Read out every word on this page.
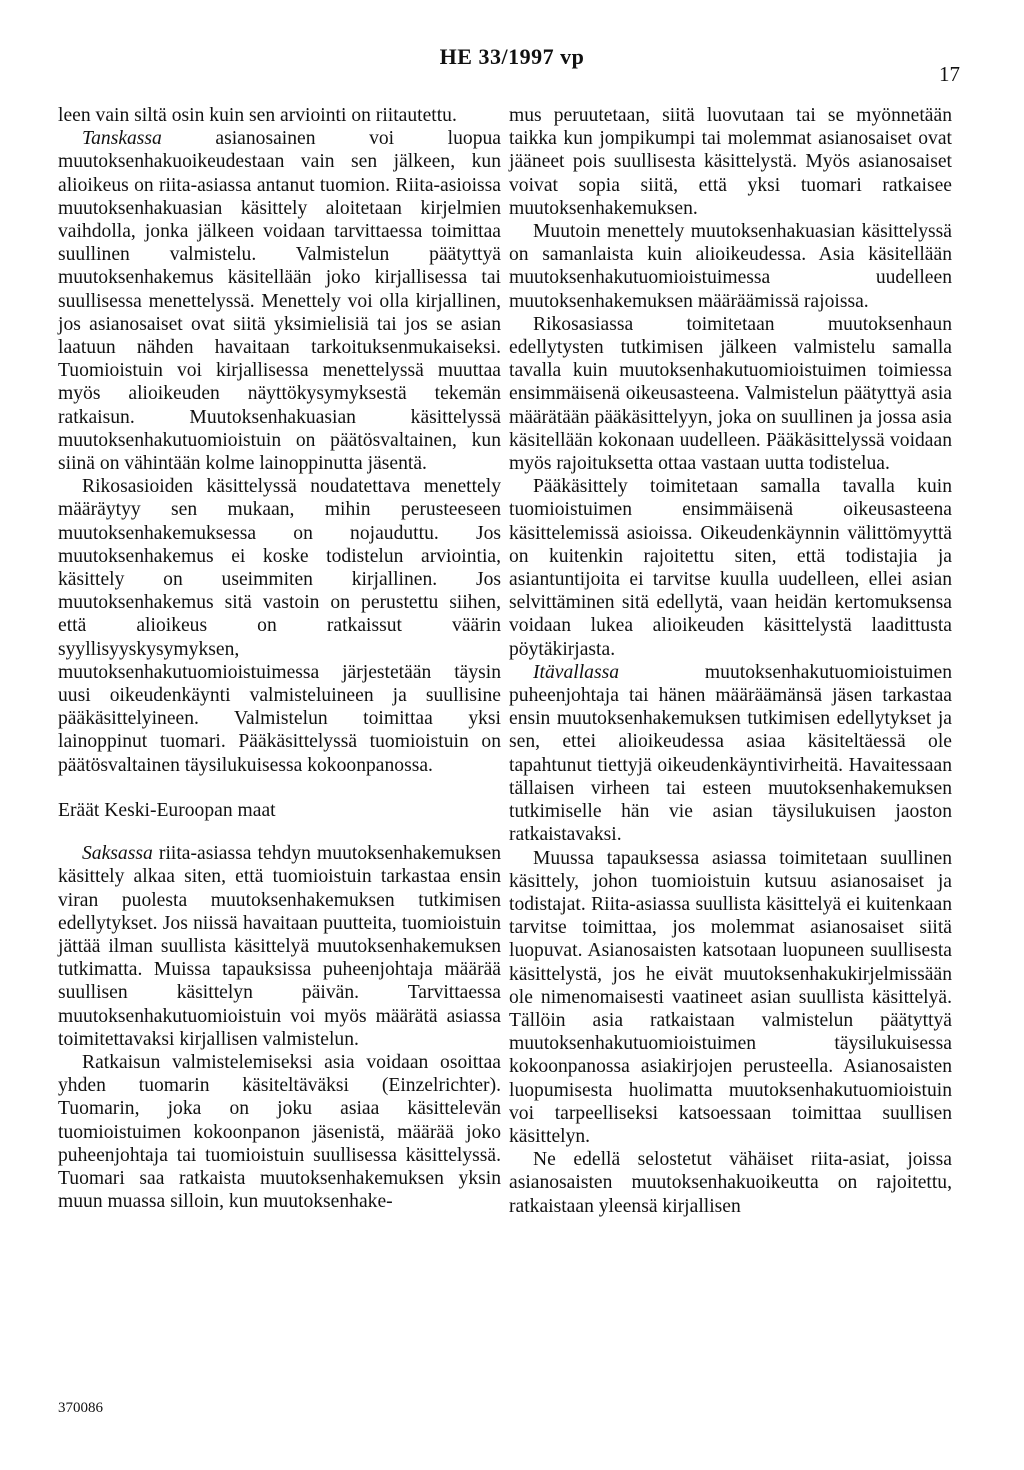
HE 33/1997 vp
17

leen vain siltä osin kuin sen arviointi on riitautettu.

Tanskassa asianosainen voi luopua muutoksenhakuoikeudestaan vain sen jälkeen, kun alioikeus on riita-asiassa antanut tuomion. Riita-asioissa muutoksenhakuasian käsittely aloitetaan kirjelmien vaihdolla, jonka jälkeen voidaan tarvittaessa toimittaa suullinen valmistelu. Valmistelun päätyttyä muutoksenhakemus käsitellään joko kirjallisessa tai suullisessa menettelyssä. Menettely voi olla kirjallinen, jos asianosaiset ovat siitä yksimielisiä tai jos se asian laatuun nähden havaitaan tarkoituksenmukaiseksi. Tuomioistuin voi kirjallisessa menettelyssä muuttaa myös alioikeuden näyttökysymyksestä tekemän ratkaisun. Muutoksenhakuasian käsittelyssä muutoksenhakutuomioistuin on päätösvaltainen, kun siinä on vähintään kolme lainoppinutta jäsentä.

Rikosasioiden käsittelyssä noudatettava menettely määräytyy sen mukaan, mihin perusteeseen muutoksenhakemuksessa on nojauduttu. Jos muutoksenhakemus ei koske todistelun arviointia, käsittely on useimmiten kirjallinen. Jos muutoksenhakemus sitä vastoin on perustettu siihen, että alioikeus on ratkaissut väärin syyllisyyskysymyksen, muutoksenhakutuomioistuimessa järjestetään täysin uusi oikeudenkäynti valmisteluineen ja suullisine pääkäsittelyineen. Valmistelun toimittaa yksi lainoppinut tuomari. Pääkäsittelyssä tuomioistuin on päätösvaltainen täysilukuisessa kokoonpanossa.

Eräät Keski-Euroopan maat

Saksassa riita-asiassa tehdyn muutoksenhakemuksen käsittely alkaa siten, että tuomioistuin tarkastaa ensin viran puolesta muutoksenhakemuksen tutkimisen edellytykset. Jos niissä havaitaan puutteita, tuomioistuin jättää ilman suullista käsittelyä muutoksenhakemuksen tutkimatta. Muissa tapauksissa puheenjohtaja määrää suullisen käsittelyn päivän. Tarvittaessa muutoksenhakutuomioistuin voi myös määrätä asiassa toimitettavaksi kirjallisen valmistelun.

Ratkaisun valmistelemiseksi asia voidaan osoittaa yhden tuomarin käsiteltäväksi (Einzelrichter). Tuomarin, joka on joku asiaa käsittelevän tuomioistuimen kokoonpanon jäsenistä, määrää joko puheenjohtaja tai tuomioistuin suullisessa käsittelyssä. Tuomari saa ratkaista muutoksenhakemuksen yksin muun muassa silloin, kun muutoksenhake-

mus peruutetaan, siitä luovutaan tai se myönnetään taikka kun jompikumpi tai molemmat asianosaiset ovat jääneet pois suullisesta käsittelystä. Myös asianosaiset voivat sopia siitä, että yksi tuomari ratkaisee muutoksenhakemuksen.

Muutoin menettely muutoksenhakuasian käsittelyssä on samanlaista kuin alioikeudessa. Asia käsitellään muutoksenhakutuomioistuimessa uudelleen muutoksenhakemuksen määräämissä rajoissa.

Rikosasiassa toimitetaan muutoksenhaun edellytysten tutkimisen jälkeen valmistelu samalla tavalla kuin muutoksenhakutuomioistuimen toimiessa ensimmäisenä oikeusasteena. Valmistelun päätyttyä asia määrätään pääkäsittelyyn, joka on suullinen ja jossa asia käsitellään kokonaan uudelleen. Pääkäsittelyssä voidaan myös rajoituksetta ottaa vastaan uutta todistelua.

Pääkäsittely toimitetaan samalla tavalla kuin tuomioistuimen ensimmäisenä oikeusasteena käsittelemissä asioissa. Oikeudenkäynnin välittömyyttä on kuitenkin rajoitettu siten, että todistajia ja asiantuntijoita ei tarvitse kuulla uudelleen, ellei asian selvittäminen sitä edellytä, vaan heidän kertomuksensa voidaan lukea alioikeuden käsittelystä laadittusta pöytäkirjasta.

Itävallassa muutoksenhakutuomioistuimen puheenjohtaja tai hänen määräämänsä jäsen tarkastaa ensin muutoksenhakemuksen tutkimisen edellytykset ja sen, ettei alioikeudessa asiaa käsiteltäessä ole tapahtunut tiettyjä oikeudenkäyntivirheitä. Havaitessaan tällaisen virheen tai esteen muutoksenhakemuksen tutkimiselle hän vie asian täysilukuisen jaoston ratkaistavaksi.

Muussa tapauksessa asiassa toimitetaan suullinen käsittely, johon tuomioistuin kutsuu asianosaiset ja todistajat. Riita-asiassa suullista käsittelyä ei kuitenkaan tarvitse toimittaa, jos molemmat asianosaiset siitä luopuvat. Asianosaisten katsotaan luopuneen suullisesta käsittelystä, jos he eivät muutoksenhakukirjelmissään ole nimenomaisesti vaatineet asian suullista käsittelyä. Tällöin asia ratkaistaan valmistelun päätyttyä muutoksenhakutuomioistuimen täysilukuisessa kokoonpanossa asiakirjojen perusteella. Asianosaisten luopumisesta huolimatta muutoksenhakutuomioistuin voi tarpeelliseksi katsoessaan toimittaa suullisen käsittelyn.

Ne edellä selostetut vähäiset riita-asiat, joissa asianosaisten muutoksenhakuoikeutta on rajoitettu, ratkaistaan yleensä kirjallisen

370086
